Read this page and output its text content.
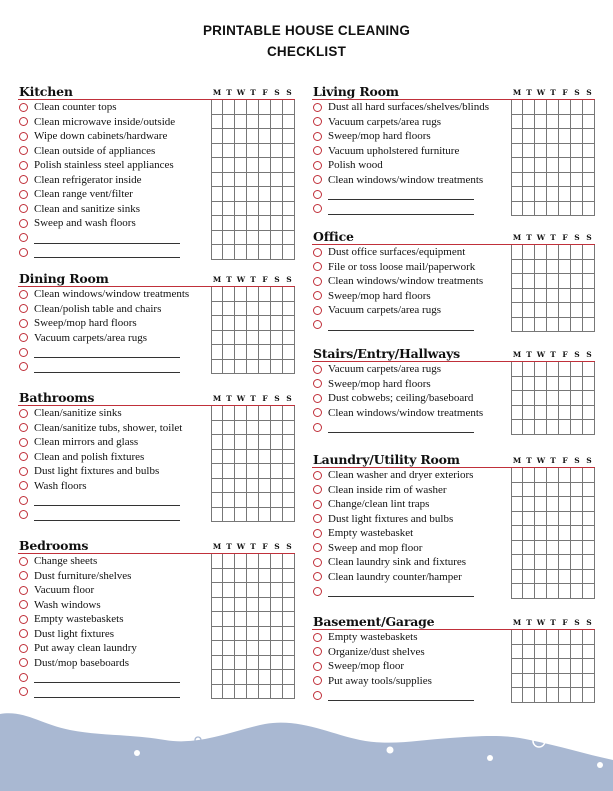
PRINTABLE HOUSE CLEANING
CHECKLIST
Kitchen	M T W T F S S
Clean counter tops
Clean microwave inside/outside
Wipe down cabinets/hardware
Clean outside of appliances
Polish stainless steel appliances
Clean refrigerator inside
Clean range vent/filter
Clean and sanitize sinks
Sweep and wash floors
Dining Room	M T W T F S S
Clean windows/window treatments
Clean/polish table and chairs
Sweep/mop hard floors
Vacuum carpets/area rugs
Bathrooms	M T W T F S S
Clean/sanitize sinks
Clean/sanitize tubs, shower, toilet
Clean mirrors and glass
Clean and polish fixtures
Dust light fixtures and bulbs
Wash floors
Bedrooms	M T W T F S S
Change sheets
Dust furniture/shelves
Vacuum floor
Wash windows
Empty wastebaskets
Dust light fixtures
Put away clean laundry
Dust/mop baseboards
Living Room	M T W T F S S
Dust all hard surfaces/shelves/blinds
Vacuum carpets/area rugs
Sweep/mop hard floors
Vacuum upholstered furniture
Polish wood
Clean windows/window treatments
Office	M T W T F S S
Dust office surfaces/equipment
File or toss loose mail/paperwork
Clean windows/window treatments
Sweep/mop hard floors
Vacuum carpets/area rugs
Stairs/Entry/Hallways	M T W T F S S
Vacuum carpets/area rugs
Sweep/mop hard floors
Dust cobwebs; ceiling/baseboard
Clean windows/window treatments
Laundry/Utility Room	M T W T F S S
Clean washer and dryer exteriors
Clean inside rim of washer
Change/clean lint traps
Dust light fixtures and bulbs
Empty wastebasket
Sweep and mop floor
Clean laundry sink and fixtures
Clean laundry counter/hamper
Basement/Garage	M T W T F S S
Empty wastebaskets
Organize/dust shelves
Sweep/mop floor
Put away tools/supplies
